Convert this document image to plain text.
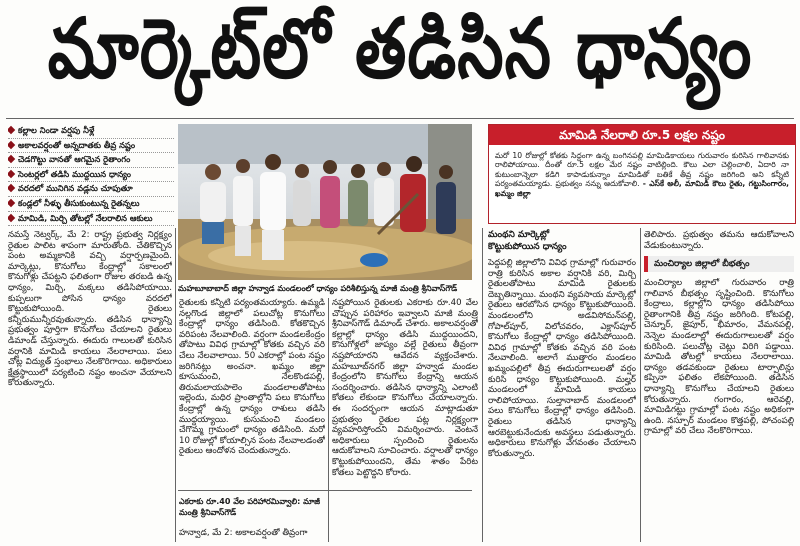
మార్కెట్‌లో తడిసిన ధాన్యం
కల్లాల నిండా వర్షపు నీళ్లే
అకాలవర్షంతో అన్నదాతకు తీవ్ర నష్టం
చెడగొట్టు వానతో ఆగమైన రైతాంగం
సెంటర్లలో తడిసి ముద్దయిన ధాన్యం
వరదలో మునిగిన వడ్లను చూపుతూ
కండ్లలో నీళ్ళు తీసుకుంటున్న రైతన్నలు
మామిడి, మిర్చి తోటల్లో నేలరాలిన ఆకులు
మహబూబాబాద్ జిల్లా హన్వాడ మండలంలో ధాన్యం పరిశీలిస్తున్న మాజీ మంత్రి శ్రీనివాస్‌గౌడ్
మామిడి నేలరాలి రూ.5 లక్షల నష్టం
మరో 10 రోజుల్లో కోతకు సిద్ధంగా ఉన్న బంగినపల్లి మామిడికాయలు గురువారం కురిసిన గాలివానకు రాలిపోయాయి. దీంతో రూ.5 లక్షల మేర నష్టం వాటిల్లింది. కౌలు ఎలా చెల్లించాలి, ఏదారి నా కుటుంబాన్నెలా కడిగి కాపాడుకున్నాం మామిడితో బతికే తీవ్ర నష్టం జరిగింది అని కన్నీటి పర్యంతమయ్యాడు. ప్రభుత్వం నన్ను ఆదుకోవాలి. - ఎస్‌కే అలీ, మామిడి కౌలు రైతు, గట్టుసింగారం, ఖమ్మం జిల్లా

నమస్తే నెట్వర్క్, మే 2: రాష్ట్ర ప్రభుత్వ నిర్లక్ష్యం రైతుల పాలిట శాపంగా మారుతోంది. చేతికొచ్చిన పంట అమ్మకానికి వచ్చి వర్షార్పణమైంది. మార్కెట్లు, కొనుగోలు కేంద్రాల్లో సకాలంలో కొనుగోళ్లు చేపట్టని ఫలితంగా రోజుల తరబడి ఉన్న ధాన్యం, మిర్చి, మక్కలు తడిసిపోయాయి. కుప్పలుగా పోసిన ధాన్యం వరదలో కొట్టుకుపోయింది. రైతులు కన్నీరుమున్నీరవుతున్నారు. తడిసిన ధాన్యాన్ని ప్రభుత్వం పూర్తిగా కొనుగోలు చేయాలని రైతులు డిమాండ్ చేస్తున్నారు. ఈదురు గాలులతో కురిసిన వర్షానికి మామిడి కాయలు నేలరాలాయి. పలు చోట్ల విద్యుత్ స్తంభాలు నేలకొరిగాయి. అధికారులు క్షేత్రస్థాయిలో పర్యటించి నష్టం అంచనా వేయాలని కోరుతున్నారు.

రైతులకు కన్నీటి పర్యంతమయ్యారు. ఉమ్మడి నల్లగొండ జిల్లాలో పలుచోట్ల కొనుగోలు కేంద్రాల్లో ధాన్యం తడిసింది. కోతకొచ్చిన వరిపంట నేలవాలింది. వర్షంగా మండలకేంద్రం తోపాటు వివిధ గ్రామాల్లో కోతకు వచ్చిన వరి చేలు నేలవాలాయి. 50 ఎకరాల్లో పంట నష్టం జరిగినట్లు అంచనా. ఖమ్మం జిల్లా కూసుమంచి, నేలకొండపల్లి, తిరుమలాయపాలెం మండలాలతోపాటు ఇల్లెందు, మధిర ప్రాంతాల్లోని పలు కొనుగోలు కేంద్రాల్లో ఉన్న ధాన్యం రాశులు తడిసి ముద్దయ్యాయి. కుసుమంచి మండలం చేగొమ్మ గ్రామంలో ధాన్యం తడిసింది. మరో 10 రోజుల్లో కోయాల్సిన పంట నేలవాలడంతో రైతులు ఆందోళన చెందుతున్నారు.

ఎకరాకు రూ.40 వేల పరిహారమివ్వాలి: మాజీ మంత్రి శ్రీనివాస్‌గౌడ్

హన్వాడ, మే 2: అకాలవర్షంతో తీవ్రంగా

నష్టపోయిన రైతులకు ఎకరాకు రూ.40 వేల చొప్పున పరిహారం ఇవ్వాలని మాజీ మంత్రి శ్రీనివాస్‌గౌడ్ డిమాండ్ చేశారు. అకాలవర్షంతో కల్లాల్లో ధాన్యం తడిసి ముద్దయిందని, కొనుగోళ్లలో జాప్యం వల్లే రైతులు తీవ్రంగా నష్టపోయారని ఆవేదన వ్యక్తంచేశారు. మహబూబ్‌నగర్ జిల్లా హన్వాడ మండల కేంద్రంలోని కొనుగోలు కేంద్రాన్ని ఆయన సందర్శించారు. తడిసిన ధాన్యాన్ని ఎలాంటి కోతలు లేకుండా కొనుగోలు చేయాలన్నారు. ఈ సందర్భంగా ఆయన మాట్లాడుతూ ప్రభుత్వం రైతుల పట్ల నిర్లక్ష్యంగా వ్యవహరిస్తోందని విమర్శించారు. వెంటనే అధికారులు స్పందించి రైతులను ఆదుకోవాలని సూచించారు. వర్షాలతో ధాన్యం కొట్టుకుపోయిందని, తేమ శాతం పేరిట కోతలు పెట్టొద్దని కోరారు.

మంథని మార్కెట్లో
కొట్టుకుపోయిన ధాన్యం

పెద్దపల్లి జిల్లాలోని వివిధ గ్రామాల్లో గురువారం రాత్రి కురిసిన అకాల వర్షానికి వరి, మిర్చి రైతులతోపాటు మామిడి రైతులకు దెబ్బతిన్నాయి. మంథని వ్యవసాయ మార్కెట్లో రైతులు ఆరబోసిన ధాన్యం కొట్టుకుపోయింది. మండలంలోని అడవిసోమన్‌పల్లి, గోపాల్‌పూర్, విలోచవరం, ఎక్లాస్‌పూర్ కొనుగోలు కేంద్రాల్లో ధాన్యం తడిసిపోయింది. వివిధ గ్రామాల్లో కోతకు వచ్చిన వరి పంట నేలవాలింది. అలాగే ముత్తారం మండలం ఖమ్మంపల్లిలో తీవ్ర ఈదురుగాలులతో వర్షం కురిసి ధాన్యం కొట్టుకుపోయింది. మల్హర్ మండలంలో మామిడి కాయలు రాలిపోయాయి. సుల్తానాబాద్ మండలంలో పలు కొనుగోలు కేంద్రాల్లో ధాన్యం తడిసింది. రైతులు తడిసిన ధాన్యాన్ని ఆరబెట్టుకునేందుకు అవస్థలు పడుతున్నారు. అధికారులు కొనుగోళ్లు వేగవంతం చేయాలని కోరుతున్నారు.

తెలిపారు. ప్రభుత్వం తమను ఆదుకోవాలని వేడుకుంటున్నారు.

మంచిర్యాల జిల్లాలో బీభత్సం

మంచిర్యాల జిల్లాలో గురువారం రాత్రి గాలివాన బీభత్సం సృష్టించింది. కొనుగోలు కేంద్రాలు, కల్లాల్లోని ధాన్యం తడిసిపోయి రైతాంగానికి తీవ్ర నష్టం జరిగింది. కోటపల్లి, చెన్నూర్, జైపూర్, భీమారం, వేమనపల్లి, నెన్నెల మండలాల్లో ఈదురుగాలులతో వర్షం కురిసింది. పలుచోట్ల చెట్లు విరిగి పడ్డాయి. మామిడి తోటల్లో కాయలు నేలరాలాయి. ధాన్యం తడవకుండా రైతులు టార్పాలిన్లు కప్పినా ఫలితం లేకపోయింది. తడిసిన ధాన్యాన్ని కొనుగోలు చేయాలని రైతులు కోరుతున్నారు. గంగారం, ఆరెవల్లి, మామిడిగట్టు గ్రామాల్లో పంట నష్టం అధికంగా ఉంది. నస్పూర్ మండలం కొత్తపల్లి, పోచంపల్లి గ్రామాల్లో వరి చేలు నేలకొరిగాయి.
